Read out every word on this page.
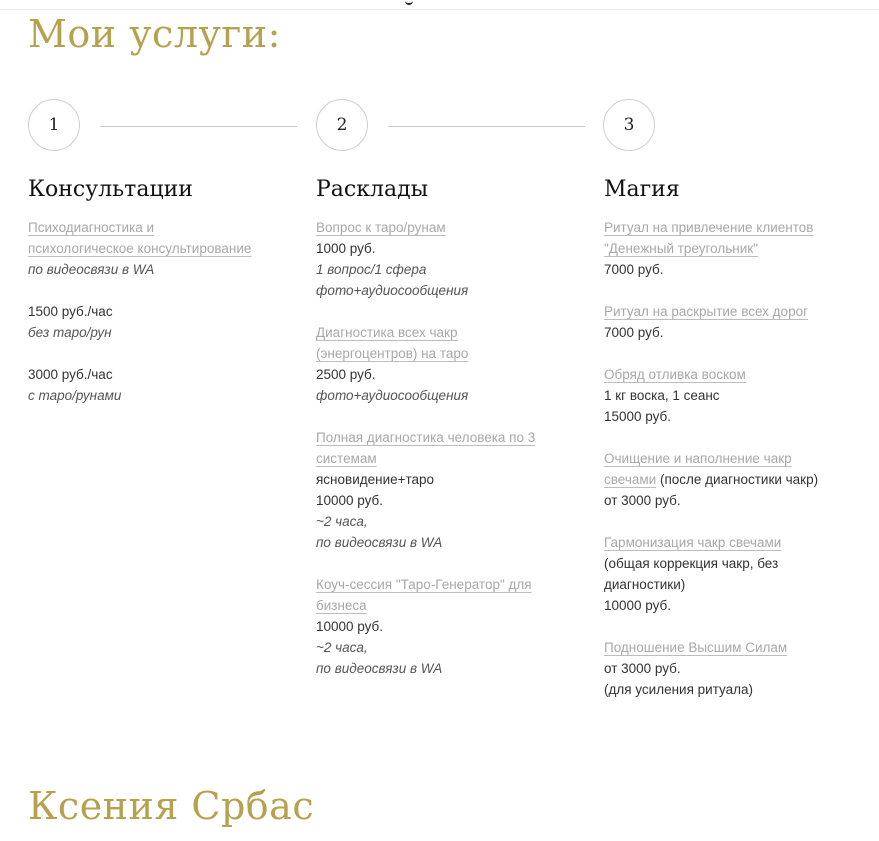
Мои услуги:
1	2	3
Консультации
Психодиагностика и
психологическое консультирование
по видеосвязи в WA
1500 руб./час
без таро/рун
3000 руб./час
с таро/рунами
Расклады
Вопрос к таро/рунам
1000 руб.
1 вопрос/1 сфера
фото+аудиосообщения
Диагностика всех чакр
(энергоцентров) на таро
2500 руб.
фото+аудиосообщения
Полная диагностика человека по 3
системам
ясновидение+таро
10000 руб.
~2 часа,
по видеосвязи в WA
Коуч-сессия "Таро-Генератор" для
бизнеса
10000 руб.
~2 часа,
по видеосвязи в WA
Магия
Ритуал на привлечение клиентов
"Денежный треугольник"
7000 руб.
Ритуал на раскрытие всех дорог
7000 руб.
Обряд отливка воском
1 кг воска, 1 сеанс
15000 руб.
Очищение и наполнение чакр
свечами (после диагностики чакр)
от 3000 руб.
Гармонизация чакр свечами
(общая коррекция чакр, без
диагностики)
10000 руб.
Подношение Высшим Силам
от 3000 руб.
(для усиления ритуала)
Ксения Србас
